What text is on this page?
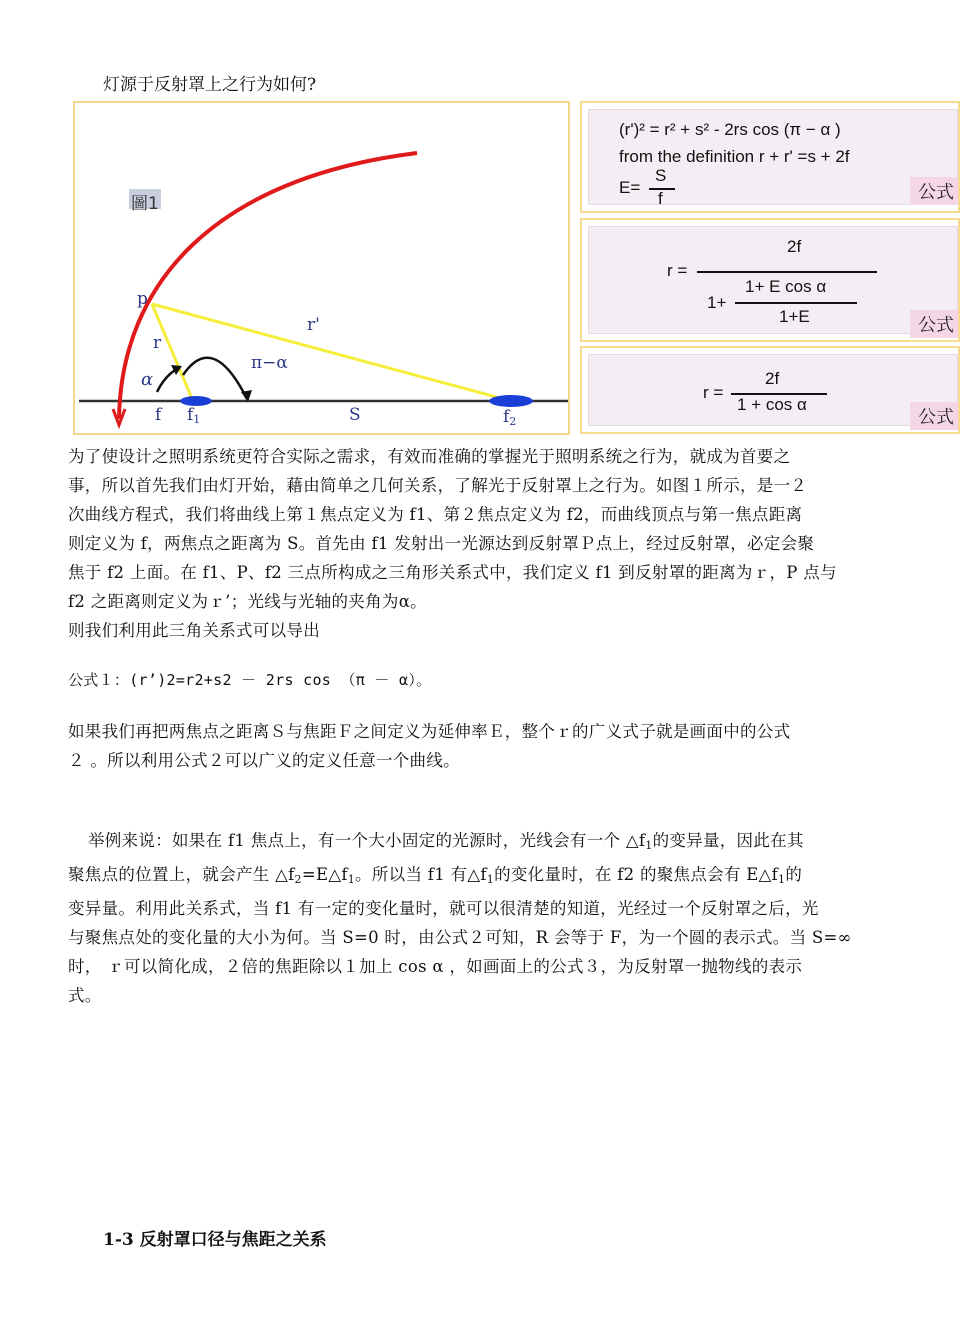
灯源于反射罩上之行为如何?
圖1
p
r
r'
α
π−α
f $f_1$	S	$f_2$
(r')² = r² + s² - 2rs cos (π − α )
from the definition r + r' =s + 2f
E=
S
f	公式
2f
r =
1+ E cos α
1+
1+E	公式
2f
r =
1 + cos α
公式
为了使设计之照明系统更符合实际之需求，有效而准确的掌握光于照明系统之行为，就成为首要之
事，所以首先我们由灯开始，藉由简单之几何关系，了解光于反射罩上之行为。如图１所示，是一２
次曲线方程式，我们将曲线上第１焦点定义为 f1、第２焦点定义为 f2，而曲线顶点与第一焦点距离
则定义为 f，两焦点之距离为 S。首先由 f1 发射出一光源达到反射罩Ｐ点上，经过反射罩，必定会聚
焦于 f2 上面。在 f1、P、f2 三点所构成之三角形关系式中，我们定义 f1 到反射罩的距离为ｒ，P 点与
f2 之距离则定义为ｒ’；光线与光轴的夹角为α。
则我们利用此三角关系式可以导出
公式１：(r’)2=r2+s2 － 2rs cos （π － α）。
如果我们再把两焦点之距离Ｓ与焦距Ｆ之间定义为延伸率Ｅ，整个ｒ的广义式子就是画面中的公式
２ 。所以利用公式２可以广义的定义任意一个曲线。
举例来说：如果在 f1 焦点上，有一个大小固定的光源时，光线会有一个 $\triangle f_1$的变异量，因此在其
聚焦点的位置上，就会产生 $\triangle f_2=E\triangle f_1$。所以当 f1 有$\triangle f_1$的变化量时，在 f2 的聚焦点会有 $E\triangle f_1$的
变异量。利用此关系式，当 f1 有一定的变化量时，就可以很清楚的知道，光经过一个反射罩之后，光
与聚焦点处的变化量的大小为何。当 S=0 时，由公式２可知，R 会等于 F，为一个圆的表示式。当 S=∞
时， ｒ可以简化成，２倍的焦距除以１加上 cos α ，如画面上的公式３，为反射罩一抛物线的表示
式。
1-3 反射罩口径与焦距之关系
